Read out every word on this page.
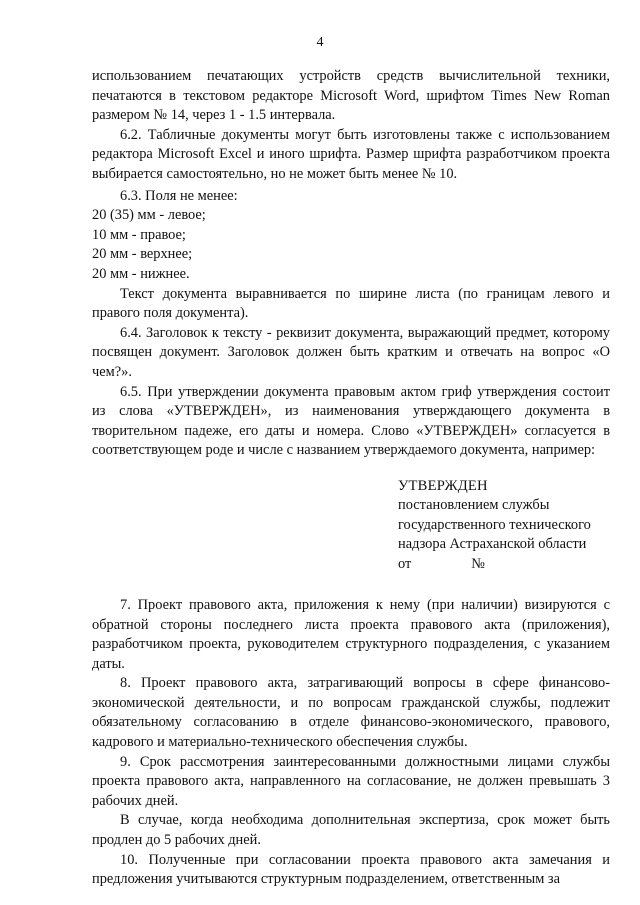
4

использованием печатающих устройств средств вычислительной техники, печатаются в текстовом редакторе Microsoft Word, шрифтом Times New Roman размером № 14, через 1 - 1.5 интервала.

6.2. Табличные документы могут быть изготовлены также с использованием редактора Microsoft Excel и иного шрифта. Размер шрифта разработчиком проекта выбирается самостоятельно, но не может быть менее № 10.

6.3. Поля не менее:

20 (35) мм - левое;

10 мм - правое;

20 мм - верхнее;

20 мм - нижнее.

Текст документа выравнивается по ширине листа (по границам левого и правого поля документа).

6.4. Заголовок к тексту - реквизит документа, выражающий предмет, которому посвящен документ. Заголовок должен быть кратким и отвечать на вопрос «О чем?».

6.5. При утверждении документа правовым актом гриф утверждения состоит из слова «УТВЕРЖДЕН», из наименования утверждающего документа в творительном падеже, его даты и номера. Слово «УТВЕРЖДЕН» согласуется в соответствующем роде и числе с названием утверждаемого документа, например:

УТВЕРЖДЕН
постановлением службы
государственного технического
надзора Астраханской области
от	№

7. Проект правового акта, приложения к нему (при наличии) визируются с обратной стороны последнего листа проекта правового акта (приложения), разработчиком проекта, руководителем структурного подразделения, с указанием даты.

8. Проект правового акта, затрагивающий вопросы в сфере финансово-экономической деятельности, и по вопросам гражданской службы, подлежит обязательному согласованию в отделе финансово-экономического, правового, кадрового и материально-технического обеспечения службы.

9. Срок рассмотрения заинтересованными должностными лицами службы проекта правового акта, направленного на согласование, не должен превышать 3 рабочих дней.

В случае, когда необходима дополнительная экспертиза, срок может быть продлен до 5 рабочих дней.

10. Полученные при согласовании проекта правового акта замечания и предложения учитываются структурным подразделением, ответственным за
